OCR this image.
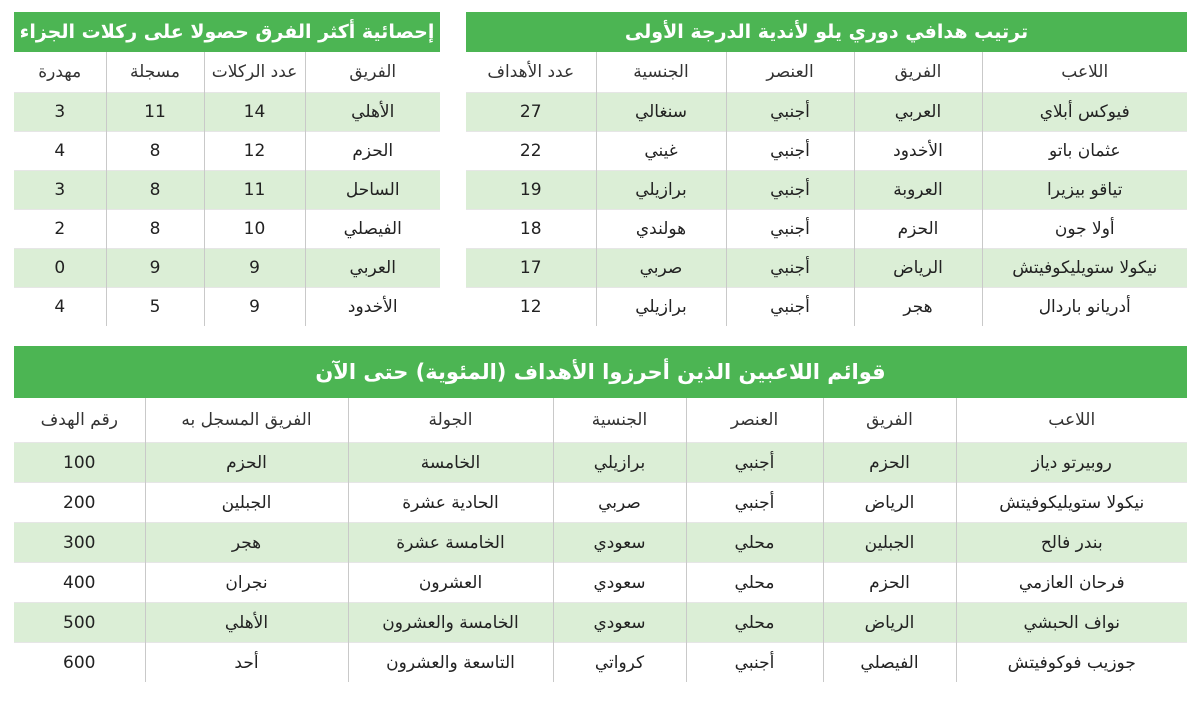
ترتيب هدافي دوري يلو لأندية الدرجة الأولى
اللاعب	الفريق	العنصر	الجنسية	عدد الأهداف
فيوكس أبلاي	العربي	أجنبي	سنغالي	27
عثمان باتو	الأخدود	أجنبي	غيني	22
تياقو بيزيرا	العروبة	أجنبي	برازيلي	19
أولا جون	الحزم	أجنبي	هولندي	18
نيكولا ستويليكوفيتش	الرياض	أجنبي	صربي	17
أدريانو باردال	هجر	أجنبي	برازيلي	12
إحصائية أكثر الفرق حصولا على ركلات الجزاء
الفريق	عدد الركلات	مسجلة	مهدرة
الأهلي	14	11	3
الحزم	12	8	4
الساحل	11	8	3
الفيصلي	10	8	2
العربي	9	9	0
الأخدود	9	5	4
قوائم اللاعبين الذين أحرزوا الأهداف (المئوية) حتى الآن
اللاعب	الفريق	العنصر	الجنسية	الجولة	الفريق المسجل به	رقم الهدف
روبيرتو دياز	الحزم	أجنبي	برازيلي	الخامسة	الحزم	100
نيكولا ستويليكوفيتش	الرياض	أجنبي	صربي	الحادية عشرة	الجبلين	200
بندر فالح	الجبلين	محلي	سعودي	الخامسة عشرة	هجر	300
فرحان العازمي	الحزم	محلي	سعودي	العشرون	نجران	400
نواف الحبشي	الرياض	محلي	سعودي	الخامسة والعشرون	الأهلي	500
جوزيب فوكوفيتش	الفيصلي	أجنبي	كرواتي	التاسعة والعشرون	أحد	600
